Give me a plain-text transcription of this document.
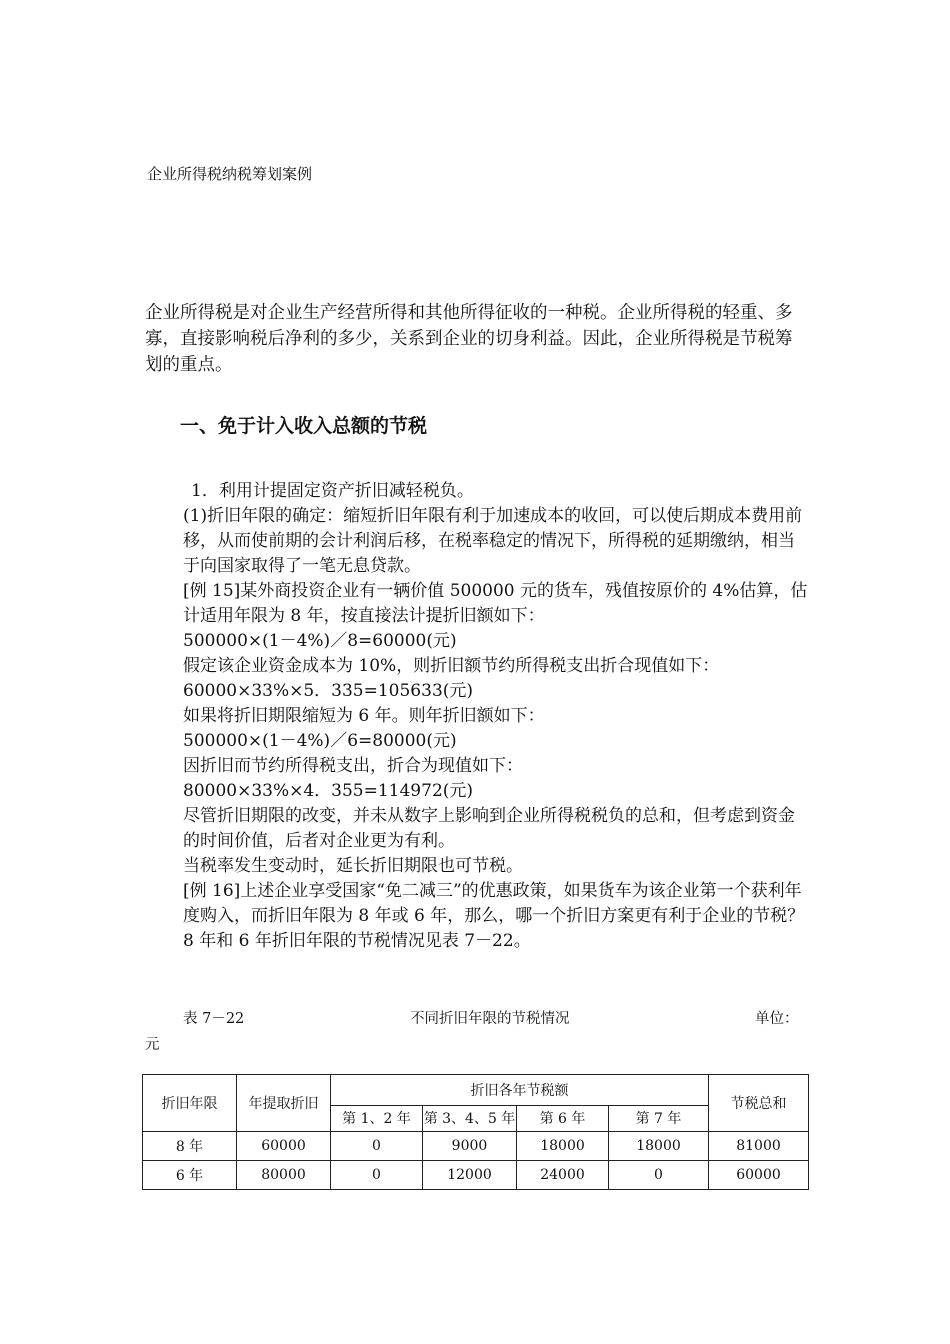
企业所得税纳税筹划案例
企业所得税是对企业生产经营所得和其他所得征收的一种税。企业所得税的轻重、多寡，直接影响税后净利的多少，关系到企业的切身利益。因此，企业所得税是节税筹划的重点。
一、免于计入收入总额的节税
1．利用计提固定资产折旧减轻税负。
(1)折旧年限的确定：缩短折旧年限有利于加速成本的收回，可以使后期成本费用前移，从而使前期的会计利润后移，在税率稳定的情况下，所得税的延期缴纳，相当于向国家取得了一笔无息贷款。
[例 15]某外商投资企业有一辆价值 500000 元的货车，残值按原价的 4%估算，估计适用年限为 8 年，按直接法计提折旧额如下：
500000×(1－4%)／8=60000(元)
假定该企业资金成本为 10%，则折旧额节约所得税支出折合现值如下：
60000×33%×5．335=105633(元)
如果将折旧期限缩短为 6 年。则年折旧额如下：
500000×(1－4%)／6=80000(元)
因折旧而节约所得税支出，折合为现值如下：
80000×33%×4．355=114972(元)
尽管折旧期限的改变，并未从数字上影响到企业所得税税负的总和，但考虑到资金的时间价值，后者对企业更为有利。
当税率发生变动时，延长折旧期限也可节税。
[例 16]上述企业享受国家“免二减三”的优惠政策，如果货车为该企业第一个获利年度购入，而折旧年限为 8 年或 6 年，那么，哪一个折旧方案更有利于企业的节税？
8 年和 6 年折旧年限的节税情况见表 7－22。
表 7－22	不同折旧年限的节税情况	单位：
元
折旧年限	年提取折旧	折旧各年节税额				节税总和
		第 1、2 年	第 3、4、5 年	第 6 年	第 7 年	
8 年	60000	0	9000	18000	18000	81000
6 年	80000	0	12000	24000	0	60000
